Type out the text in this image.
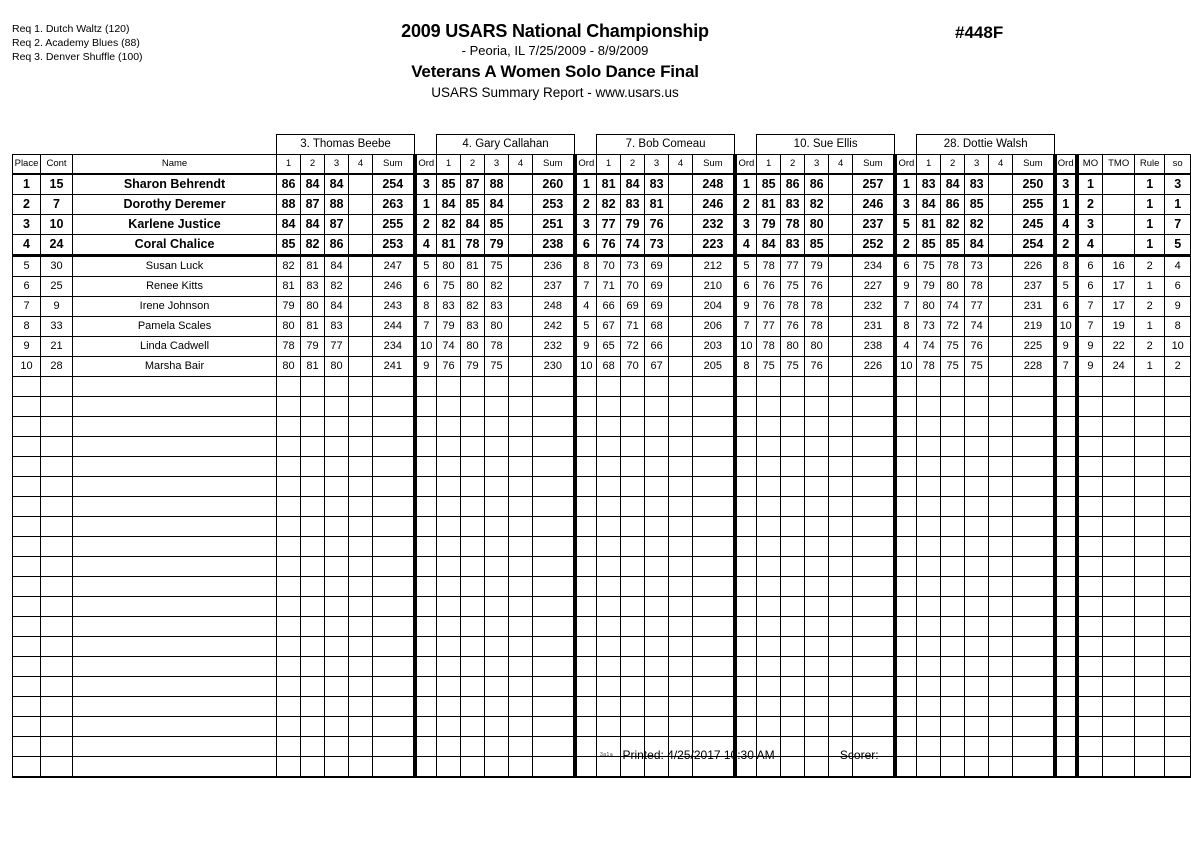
Req 1. Dutch Waltz (120)
Req 2. Academy Blues (88)
Req 3. Denver Shuffle (100)
2009 USARS National Championship
- Peoria, IL 7/25/2009 - 8/9/2009
Veterans A Women Solo Dance Final
USARS Summary Report - www.usars.us
#448F
			3. Thomas Beebe						4. Gary Callahan						7. Bob Comeau						10. Sue Ellis						28. Dottie Walsh									
Place	Cont	Name	1	2	3	4	Sum	Ord	1	2	3	4	Sum	Ord	1	2	3	4	Sum	Ord	1	2	3	4	Sum	Ord	1	2	3	4	Sum	Ord	MO	TMO	Rule	so
1	15	Sharon Behrendt	86	84	84		254	3	85	87	88		260	1	81	84	83		248	1	85	86	86		257	1	83	84	83		250	3	1		1	3
2	7	Dorothy Deremer	88	87	88		263	1	84	85	84		253	2	82	83	81		246	2	81	83	82		246	3	84	86	85		255	1	2		1	1
3	10	Karlene Justice	84	84	87		255	2	82	84	85		251	3	77	79	76		232	3	79	78	80		237	5	81	82	82		245	4	3		1	7
4	24	Coral Chalice	85	82	86		253	4	81	78	79		238	6	76	74	73		223	4	84	83	85		252	2	85	85	84		254	2	4		1	5
5	30	Susan Luck	82	81	84		247	5	80	81	75		236	8	70	73	69		212	5	78	77	79		234	6	75	78	73		226	8	6	16	2	4
6	25	Renee Kitts	81	83	82		246	6	75	80	82		237	7	71	70	69		210	6	76	75	76		227	9	79	80	78		237	5	6	17	1	6
7	9	Irene Johnson	79	80	84		243	8	83	82	83		248	4	66	69	69		204	9	76	78	78		232	7	80	74	77		231	6	7	17	2	9
8	33	Pamela Scales	80	81	83		244	7	79	83	80		242	5	67	71	68		206	7	77	76	78		231	8	73	72	74		219	10	7	19	1	8
9	21	Linda Cadwell	78	79	77		234	10	74	80	78		232	9	65	72	66		203	10	78	80	80		238	4	74	75	76		225	9	9	22	2	10
10	28	Marsha Bair	80	81	80		241	9	76	79	75		230	10	68	70	67		205	8	75	75	76		226	10	78	75	75		228	7	9	24	1	2

$^{3a1a}$ Printed: 4/25/2017 10:30 AM	Scorer:
